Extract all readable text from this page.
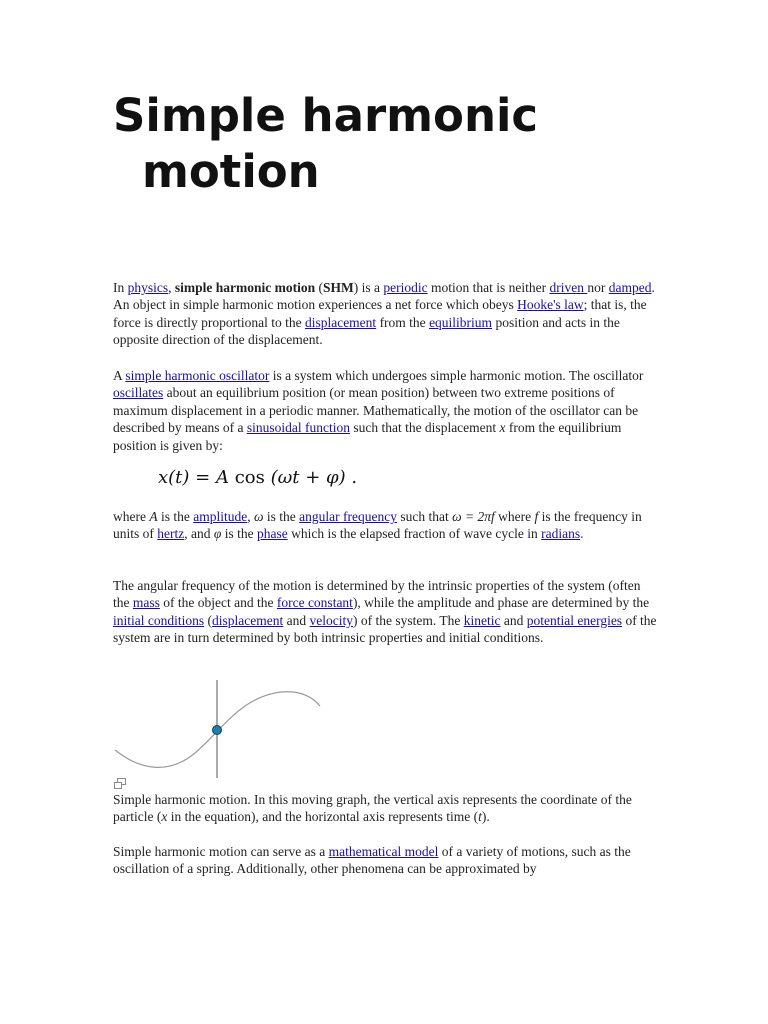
Simple harmonic
motion

In physics, simple harmonic motion (SHM) is a periodic motion that is neither driven nor damped. An object in simple harmonic motion experiences a net force which obeys Hooke's law; that is, the force is directly proportional to the displacement from the equilibrium position and acts in the opposite direction of the displacement.

A simple harmonic oscillator is a system which undergoes simple harmonic motion. The oscillator oscillates about an equilibrium position (or mean position) between two extreme positions of maximum displacement in a periodic manner. Mathematically, the motion of the oscillator can be described by means of a sinusoidal function such that the displacement x from the equilibrium position is given by:

x(t) = A cos (ωt + φ) .

where A is the amplitude, ω is the angular frequency such that ω = 2πf where f is the frequency in units of hertz, and φ is the phase which is the elapsed fraction of wave cycle in radians.

The angular frequency of the motion is determined by the intrinsic properties of the system (often the mass of the object and the force constant), while the amplitude and phase are determined by the initial conditions (displacement and velocity) of the system. The kinetic and potential energies of the system are in turn determined by both intrinsic properties and initial conditions.

Simple harmonic motion. In this moving graph, the vertical axis represents the coordinate of the particle (x in the equation), and the horizontal axis represents time (t).

Simple harmonic motion can serve as a mathematical model of a variety of motions, such as the oscillation of a spring. Additionally, other phenomena can be approximated by
